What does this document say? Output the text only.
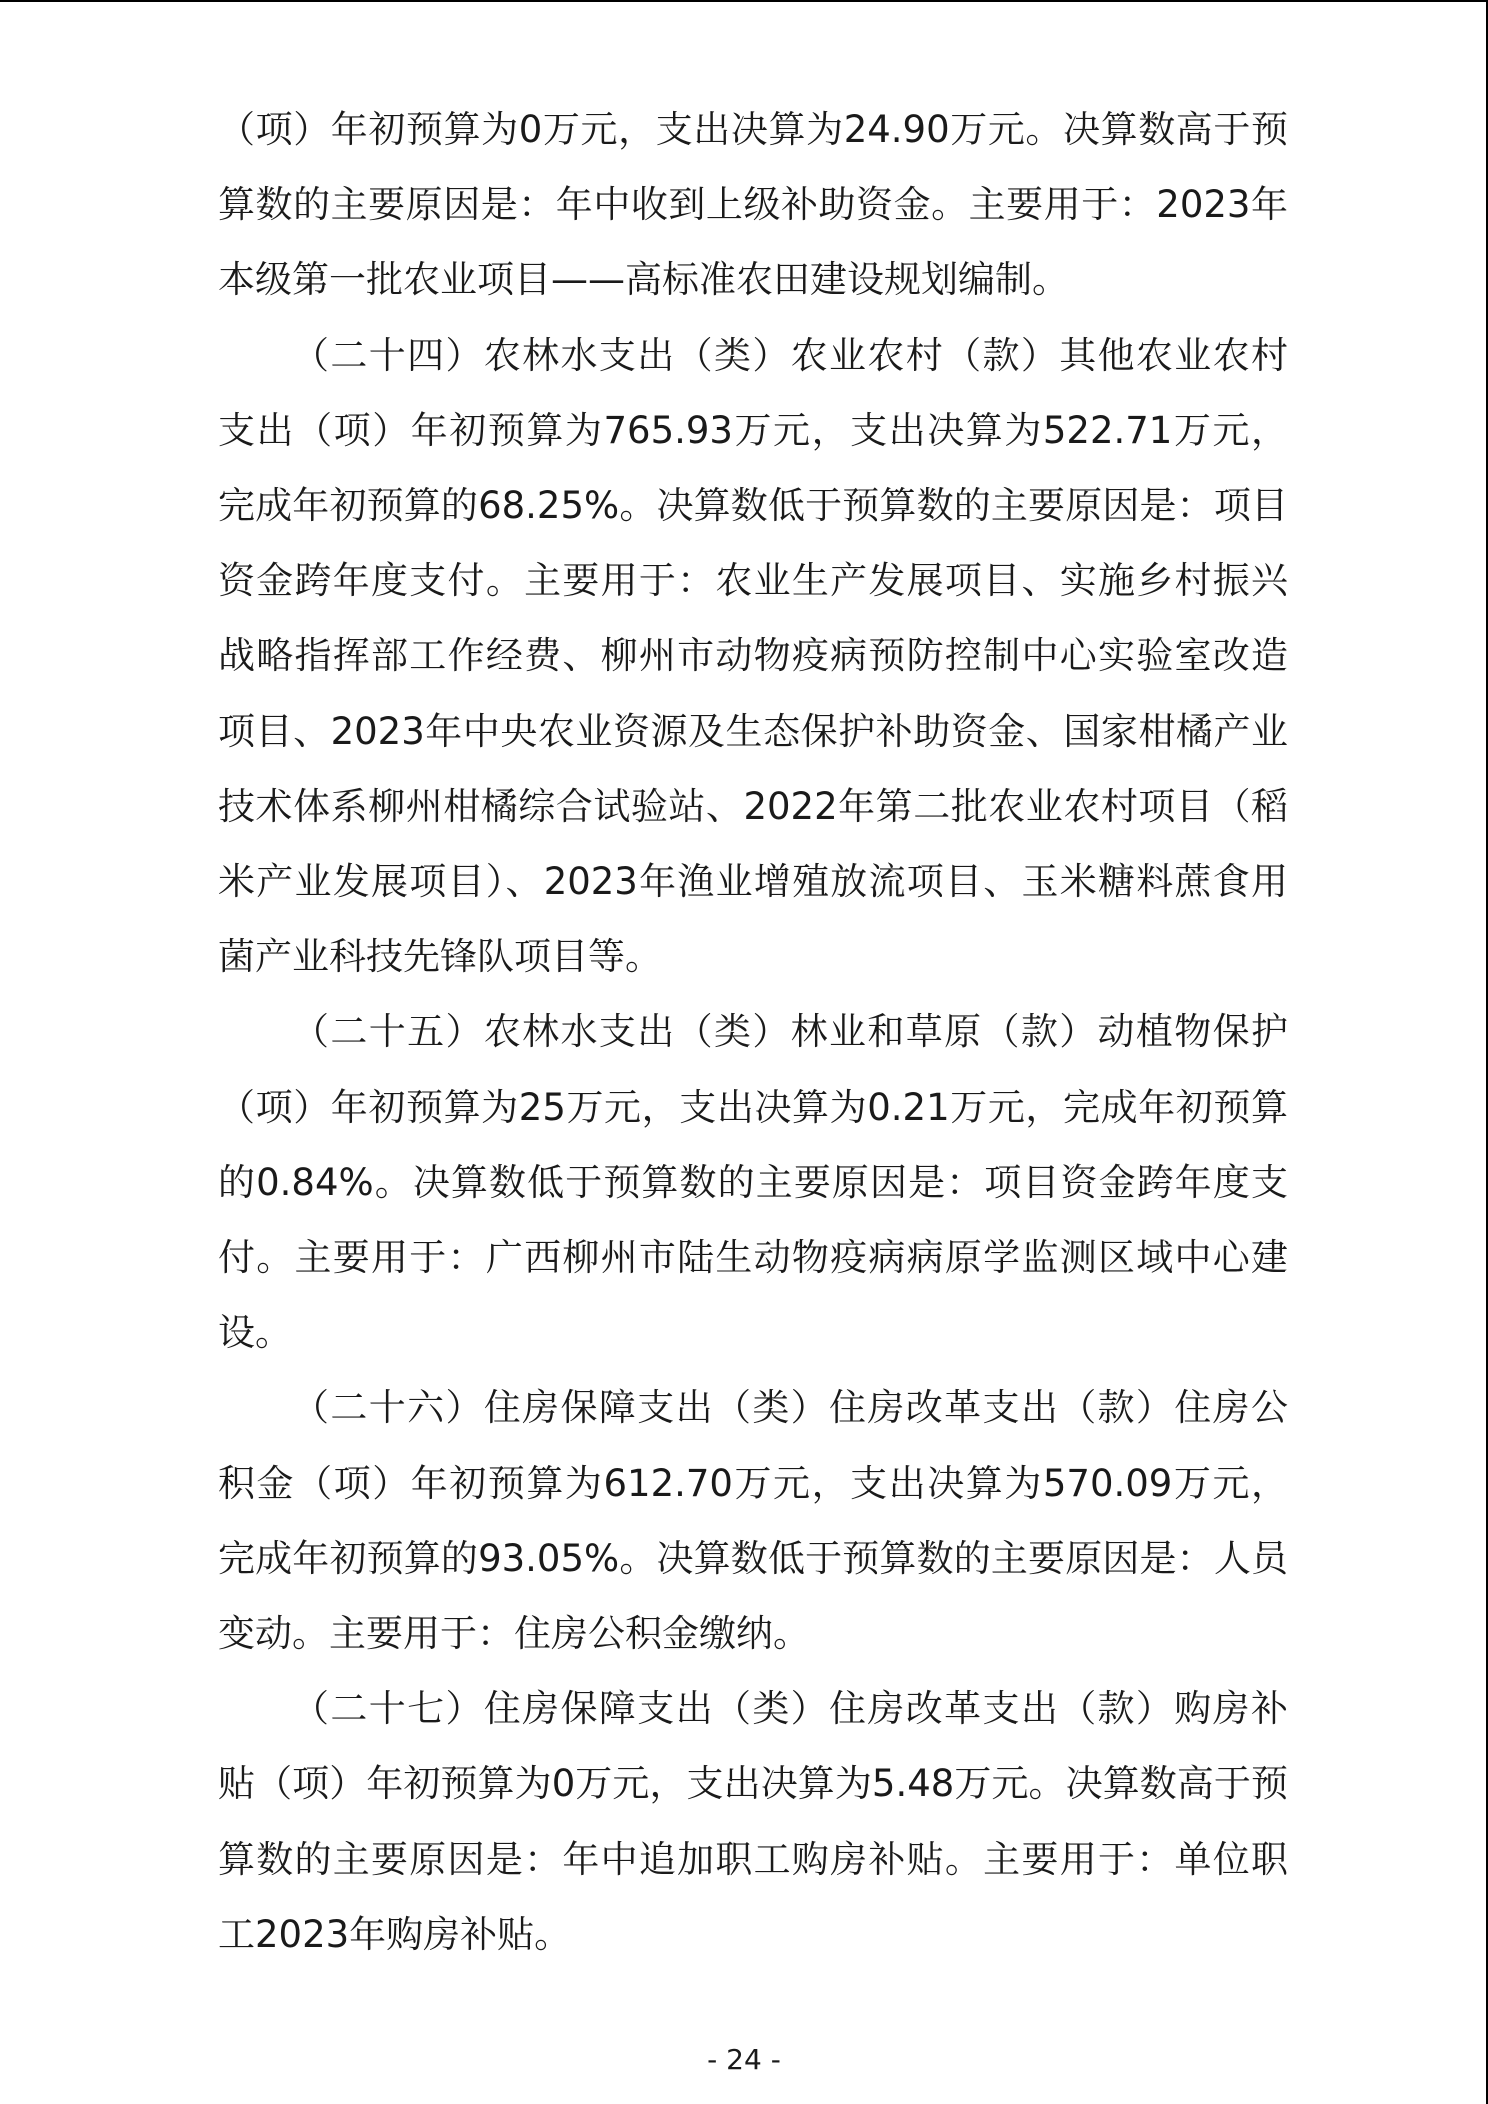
（项）年初预算为0万元，支出决算为24.90万元。决算数高于预算数的主要原因是：年中收到上级补助资金。主要用于：2023年本级第一批农业项目——高标准农田建设规划编制。

（二十四）农林水支出（类）农业农村（款）其他农业农村支出（项）年初预算为765.93万元，支出决算为522.71万元，完成年初预算的68.25%。决算数低于预算数的主要原因是：项目资金跨年度支付。主要用于：农业生产发展项目、实施乡村振兴战略指挥部工作经费、柳州市动物疫病预防控制中心实验室改造项目、2023年中央农业资源及生态保护补助资金、国家柑橘产业技术体系柳州柑橘综合试验站、2022年第二批农业农村项目（稻米产业发展项目）、2023年渔业增殖放流项目、玉米糖料蔗食用菌产业科技先锋队项目等。

（二十五）农林水支出（类）林业和草原（款）动植物保护（项）年初预算为25万元，支出决算为0.21万元，完成年初预算的0.84%。决算数低于预算数的主要原因是：项目资金跨年度支付。主要用于：广西柳州市陆生动物疫病病原学监测区域中心建设。

（二十六）住房保障支出（类）住房改革支出（款）住房公积金（项）年初预算为612.70万元，支出决算为570.09万元，完成年初预算的93.05%。决算数低于预算数的主要原因是：人员变动。主要用于：住房公积金缴纳。

（二十七）住房保障支出（类）住房改革支出（款）购房补贴（项）年初预算为0万元，支出决算为5.48万元。决算数高于预算数的主要原因是：年中追加职工购房补贴。主要用于：单位职工2023年购房补贴。

- 24 -
